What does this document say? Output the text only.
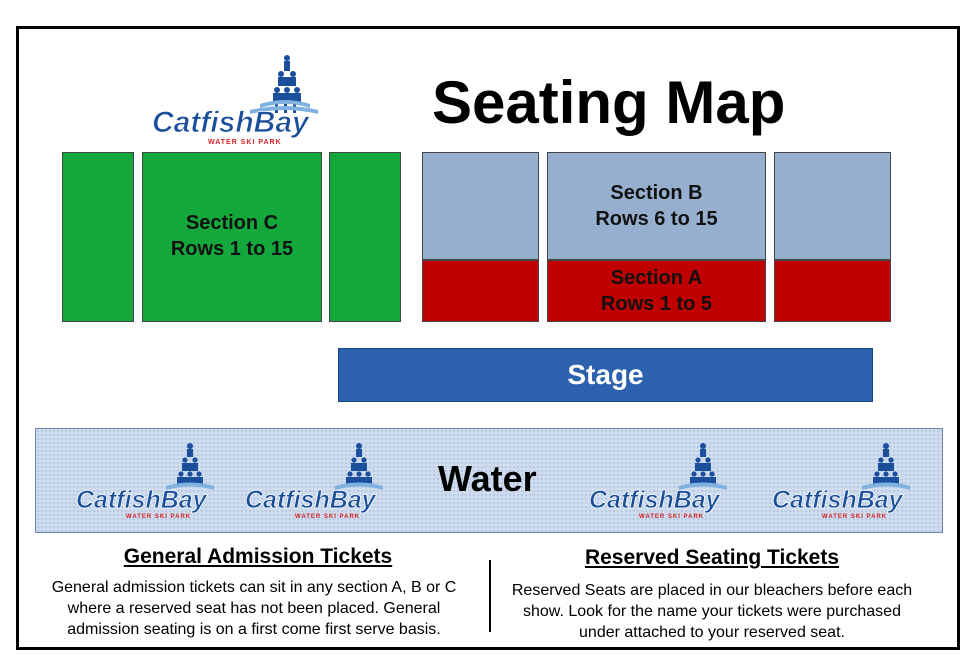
CatfishBay
WATER SKI PARK
Seating Map
Section C
Rows 1 to 15
Section B
Rows 6 to 15
Section A
Rows 1 to 5
Stage
Water
CatfishBay
WATER SKI PARK
CatfishBay
WATER SKI PARK
CatfishBay
WATER SKI PARK
CatfishBay
WATER SKI PARK
General Admission Tickets
General admission tickets can sit in any section A, B or C
where a reserved seat has not been placed. General
admission seating is on a first come first serve basis.
Reserved Seating Tickets
Reserved Seats are placed in our bleachers before each
show. Look for the name your tickets were purchased
under attached to your reserved seat.
